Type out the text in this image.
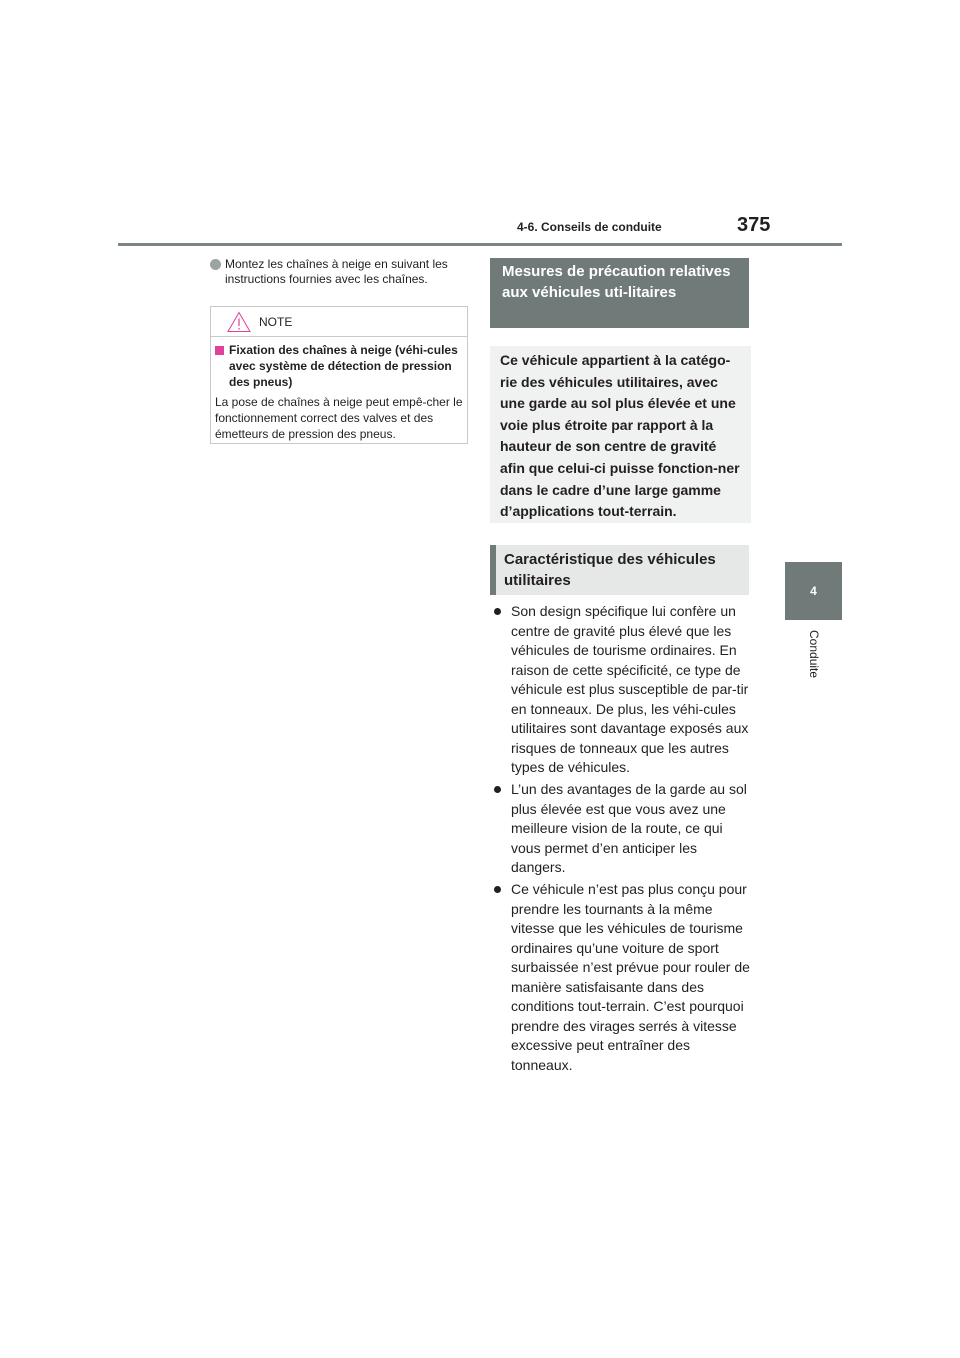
4-6. Conseils de conduite	375
4
Conduite
Montez les chaînes à neige en suivant les instructions fournies avec les chaînes.
NOTE
Fixation des chaînes à neige (véhi-cules avec système de détection de pression des pneus)
La pose de chaînes à neige peut empê-cher le fonctionnement correct des valves et des émetteurs de pression des pneus.
Mesures de précaution relatives aux véhicules uti-litaires
Ce véhicule appartient à la catégo-rie des véhicules utilitaires, avec une garde au sol plus élevée et une voie plus étroite par rapport à la hauteur de son centre de gravité afin que celui-ci puisse fonction-ner dans le cadre d’une large gamme d’applications tout-terrain.
Caractéristique des véhicules utilitaires
Son design spécifique lui confère un centre de gravité plus élevé que les véhicules de tourisme ordinaires. En raison de cette spécificité, ce type de véhicule est plus susceptible de par-tir en tonneaux. De plus, les véhi-cules utilitaires sont davantage exposés aux risques de tonneaux que les autres types de véhicules.
L’un des avantages de la garde au sol plus élevée est que vous avez une meilleure vision de la route, ce qui vous permet d’en anticiper les dangers.
Ce véhicule n’est pas plus conçu pour prendre les tournants à la même vitesse que les véhicules de tourisme ordinaires qu’une voiture de sport surbaissée n’est prévue pour rouler de manière satisfaisante dans des conditions tout-terrain. C’est pourquoi prendre des virages serrés à vitesse excessive peut entraîner des tonneaux.
